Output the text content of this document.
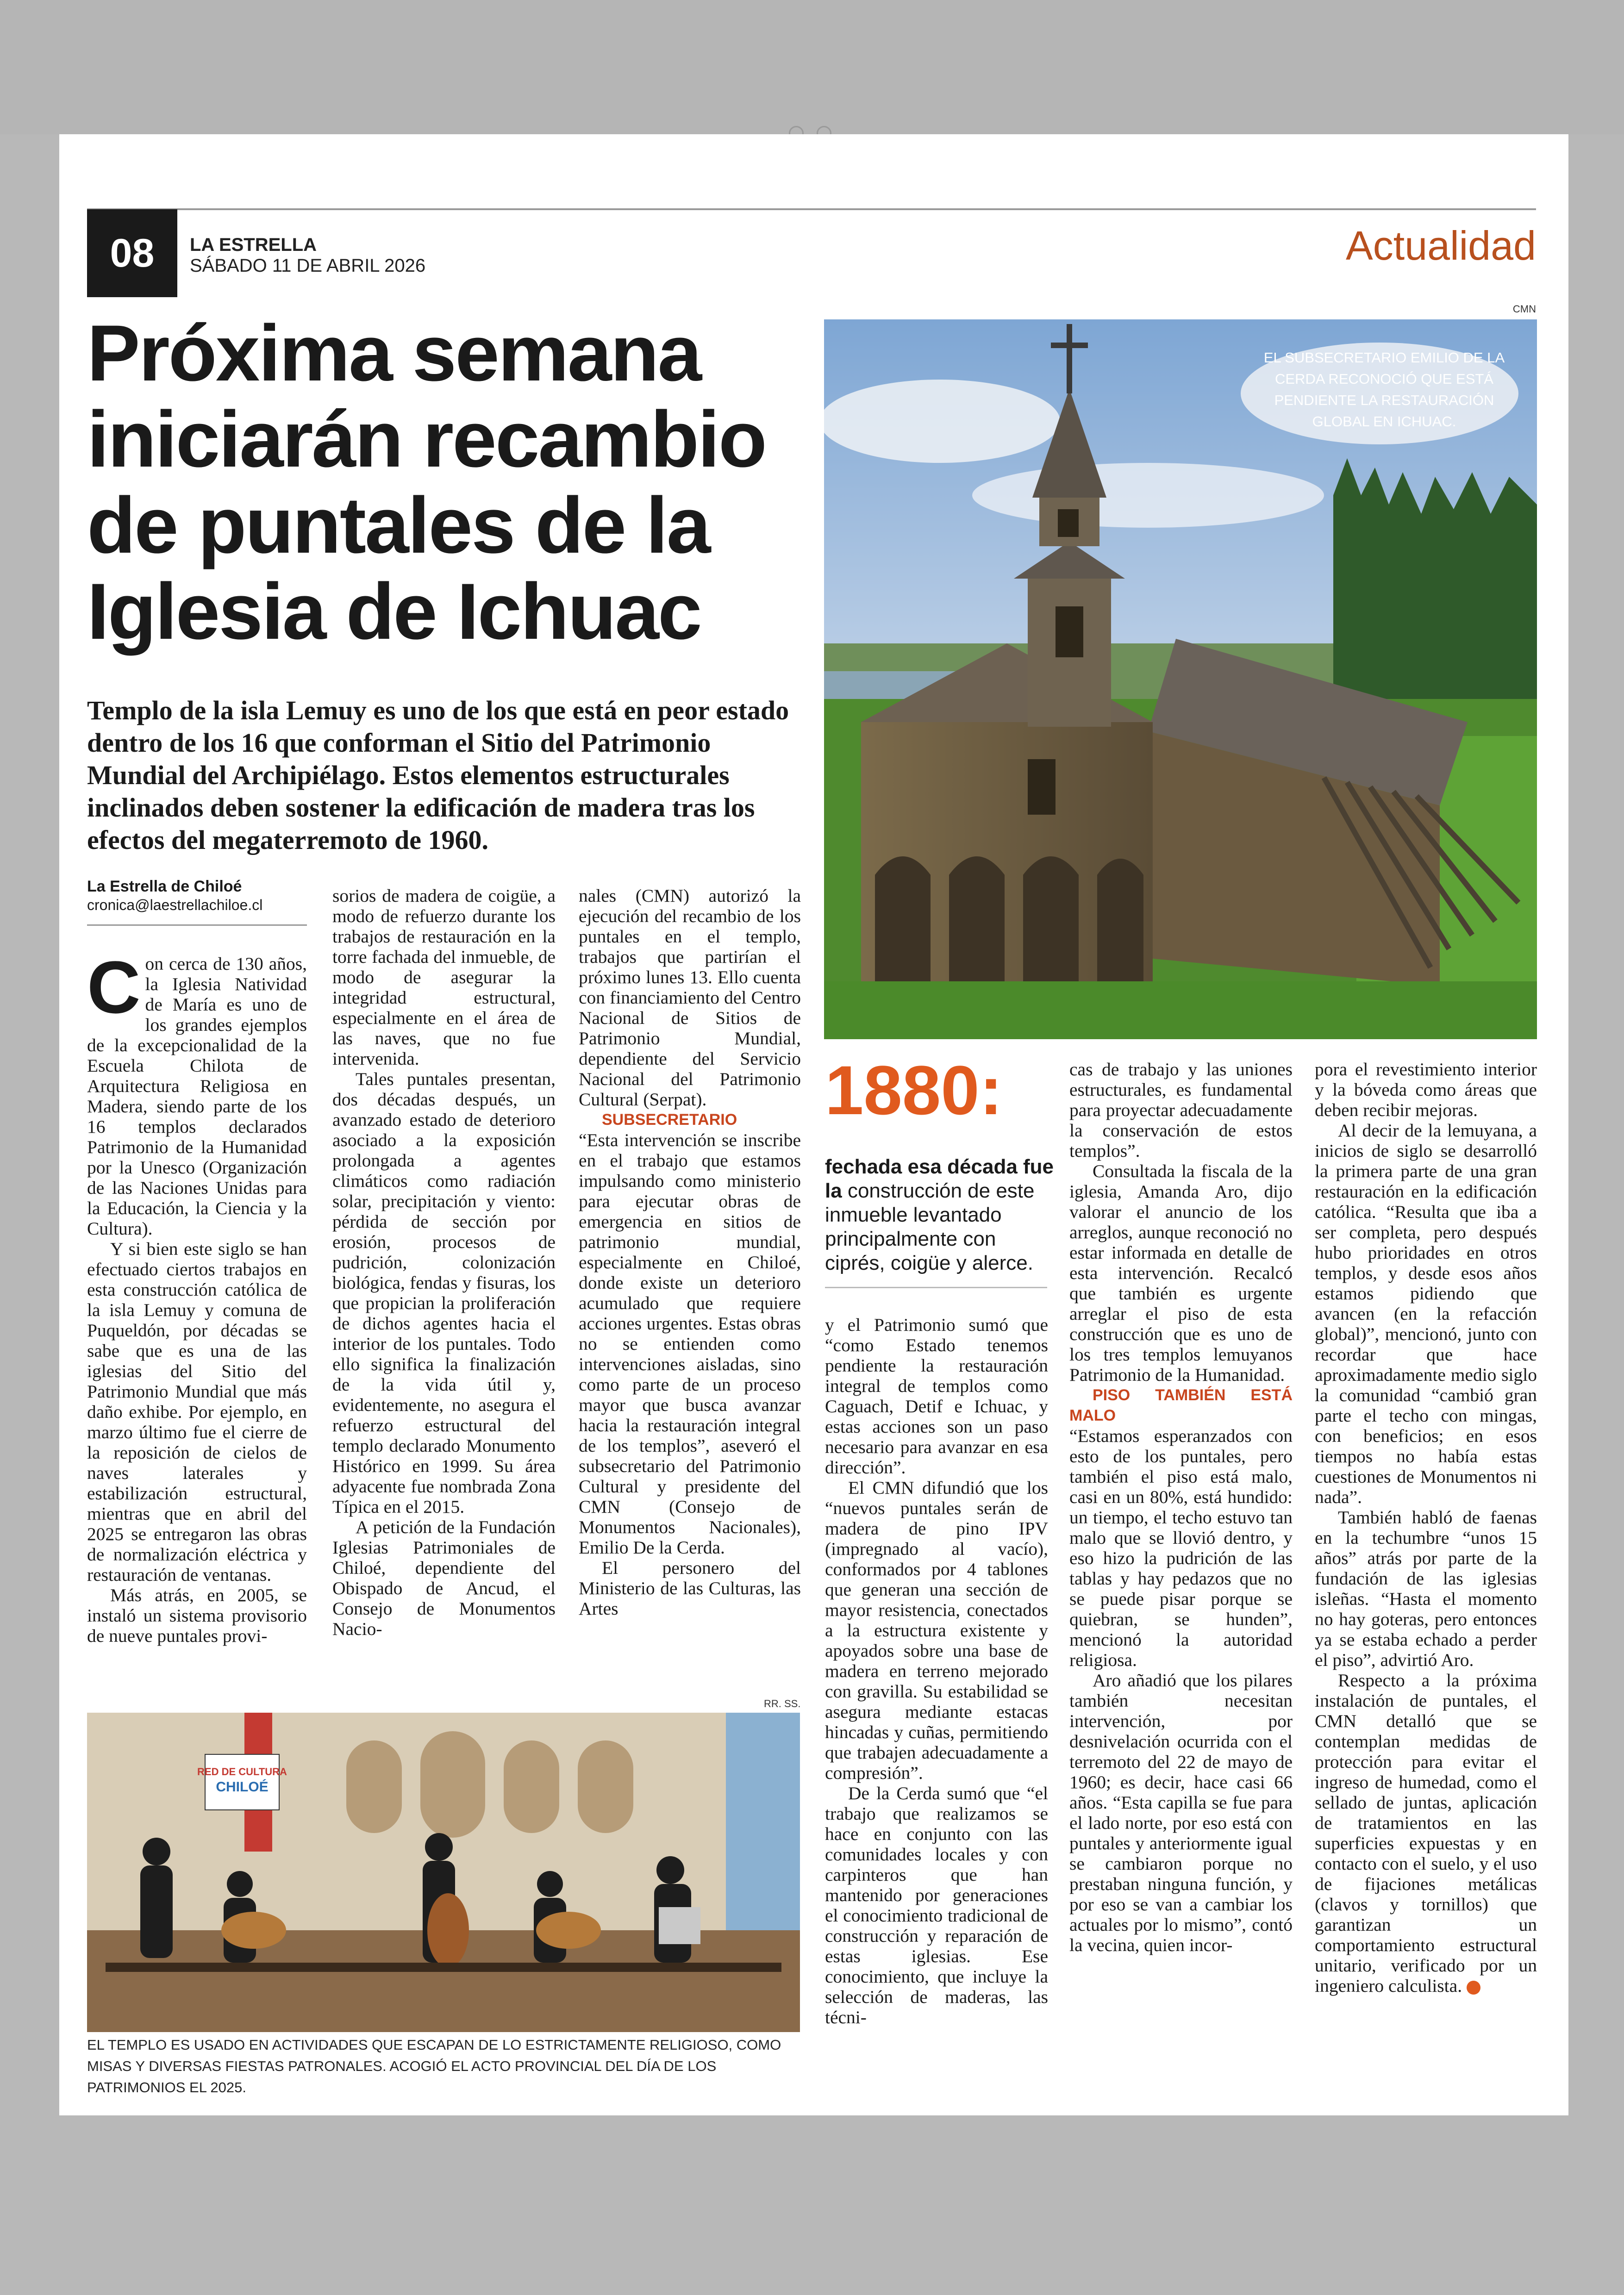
08	LA ESTRELLA
SÁBADO 11 DE ABRIL 2026	Actualidad
Próxima semana iniciarán recambio de puntales de la Iglesia de Ichuac
Templo de la isla Lemuy es uno de los que está en peor estado dentro de los 16 que conforman el Sitio del Patrimonio Mundial del Archipiélago. Estos elementos estructurales inclinados deben sostener la edificación de madera tras los efectos del megaterremoto de 1960.
La Estrella de Chiloé
cronica@laestrellachiloe.cl

Con cerca de 130 años, la Iglesia Natividad de María es uno de los grandes ejemplos de la excepcionalidad de la Escuela Chilota de Arquitectura Religiosa en Madera, siendo parte de los 16 templos declarados Patrimonio de la Humanidad por la Unesco (Organización de las Naciones Unidas para la Educación, la Ciencia y la Cultura).

Y si bien este siglo se han efectuado ciertos trabajos en esta construcción católica de la isla Lemuy y comuna de Puqueldón, por décadas se sabe que es una de las iglesias del Sitio del Patrimonio Mundial que más daño exhibe. Por ejemplo, en marzo último fue el cierre de la reposición de cielos de naves laterales y estabilización estructural, mientras que en abril del 2025 se entregaron las obras de normalización eléctrica y restauración de ventanas.

Más atrás, en 2005, se instaló un sistema provisorio de nueve puntales provi-

sorios de madera de coigüe, a modo de refuerzo durante los trabajos de restauración en la torre fachada del inmueble, de modo de asegurar la integridad estructural, especialmente en el área de las naves, que no fue intervenida.

Tales puntales presentan, dos décadas después, un avanzado estado de deterioro asociado a la exposición prolongada a agentes climáticos como radiación solar, precipitación y viento: pérdida de sección por erosión, procesos de pudrición, colonización biológica, fendas y fisuras, los que propician la proliferación de dichos agentes hacia el interior de los puntales. Todo ello significa la finalización de la vida útil y, evidentemente, no asegura el refuerzo estructural del templo declarado Monumento Histórico en 1999. Su área adyacente fue nombrada Zona Típica en el 2015.

A petición de la Fundación Iglesias Patrimoniales de Chiloé, dependiente del Obispado de Ancud, el Consejo de Monumentos Nacio-

nales (CMN) autorizó la ejecución del recambio de los puntales en el templo, trabajos que partirían el próximo lunes 13. Ello cuenta con financiamiento del Centro Nacional de Sitios de Patrimonio Mundial, dependiente del Servicio Nacional del Patrimonio Cultural (Serpat).

SUBSECRETARIO

“Esta intervención se inscribe en el trabajo que estamos impulsando como ministerio para ejecutar obras de emergencia en sitios de patrimonio mundial, especialmente en Chiloé, donde existe un deterioro acumulado que requiere acciones urgentes. Estas obras no se entienden como intervenciones aisladas, sino como parte de un proceso mayor que busca avanzar hacia la restauración integral de los templos”, aseveró el subsecretario del Patrimonio Cultural y presidente del CMN (Consejo de Monumentos Nacionales), Emilio De la Cerda.

El personero del Ministerio de las Culturas, las Artes

CMN
EL SUBSECRETARIO EMILIO DE LA CERDA RECONOCIÓ QUE ESTÁ PENDIENTE LA RESTAURACIÓN GLOBAL EN ICHUAC.
1880:
fechada esa década fue la construcción de este inmueble levantado principalmente con ciprés, coigüe y alerce.

y el Patrimonio sumó que “como Estado tenemos pendiente la restauración integral de templos como Caguach, Detif e Ichuac, y estas acciones son un paso necesario para avanzar en esa dirección”.

El CMN difundió que los “nuevos puntales serán de madera de pino IPV (impregnado al vacío), conformados por 4 tablones que generan una sección de mayor resistencia, conectados a la estructura existente y apoyados sobre una base de madera en terreno mejorado con gravilla. Su estabilidad se asegura mediante estacas hincadas y cuñas, permitiendo que trabajen adecuadamente a compresión”.

De la Cerda sumó que “el trabajo que realizamos se hace en conjunto con las comunidades locales y con carpinteros que han mantenido por generaciones el conocimiento tradicional de construcción y reparación de estas iglesias. Ese conocimiento, que incluye la selección de maderas, las técni-

cas de trabajo y las uniones estructurales, es fundamental para proyectar adecuadamente la conservación de estos templos”.

Consultada la fiscala de la iglesia, Amanda Aro, dijo valorar el anuncio de los arreglos, aunque reconoció no estar informada en detalle de esta intervención. Recalcó que también es urgente arreglar el piso de esta construcción que es uno de los tres templos lemuyanos Patrimonio de la Humanidad.

PISO TAMBIÉN ESTÁ MALO

“Estamos esperanzados con esto de los puntales, pero también el piso está malo, casi en un 80%, está hundido: un tiempo, el techo estuvo tan malo que se llovió dentro, y eso hizo la pudrición de las tablas y hay pedazos que no se puede pisar porque se quiebran, se hunden”, mencionó la autoridad religiosa.

Aro añadió que los pilares también necesitan intervención, por desnivelación ocurrida con el terremoto del 22 de mayo de 1960; es decir, hace casi 66 años. “Esta capilla se fue para el lado norte, por eso está con puntales y anteriormente igual se cambiaron porque no prestaban ninguna función, y por eso se van a cambiar los actuales por lo mismo”, contó la vecina, quien incor-

pora el revestimiento interior y la bóveda como áreas que deben recibir mejoras.

Al decir de la lemuyana, a inicios de siglo se desarrolló la primera parte de una gran restauración en la edificación católica. “Resulta que iba a ser completa, pero después hubo prioridades en otros templos, y desde esos años estamos pidiendo que avancen (en la refacción global)”, mencionó, junto con recordar que hace aproximadamente medio siglo la comunidad “cambió gran parte el techo con mingas, con beneficios; en esos tiempos no había estas cuestiones de Monumentos ni nada”.

También habló de faenas en la techumbre “unos 15 años” atrás por parte de la fundación de las iglesias isleñas. “Hasta el momento no hay goteras, pero entonces ya se estaba echado a perder el piso”, advirtió Aro.

Respecto a la próxima instalación de puntales, el CMN detalló que se contemplan medidas de protección para evitar el ingreso de humedad, como el sellado de juntas, aplicación de tratamientos en las superficies expuestas y en contacto con el suelo, y el uso de fijaciones metálicas (clavos y tornillos) que garantizan un comportamiento estructural unitario, verificado por un ingeniero calculista.	✪

RR. SS.
RED DE CULTURA
CHILOÉ
EL TEMPLO ES USADO EN ACTIVIDADES QUE ESCAPAN DE LO ESTRICTAMENTE RELIGIOSO, COMO MISAS Y DIVERSAS FIESTAS PATRONALES. ACOGIÓ EL ACTO PROVINCIAL DEL DÍA DE LOS PATRIMONIOS EL 2025.
